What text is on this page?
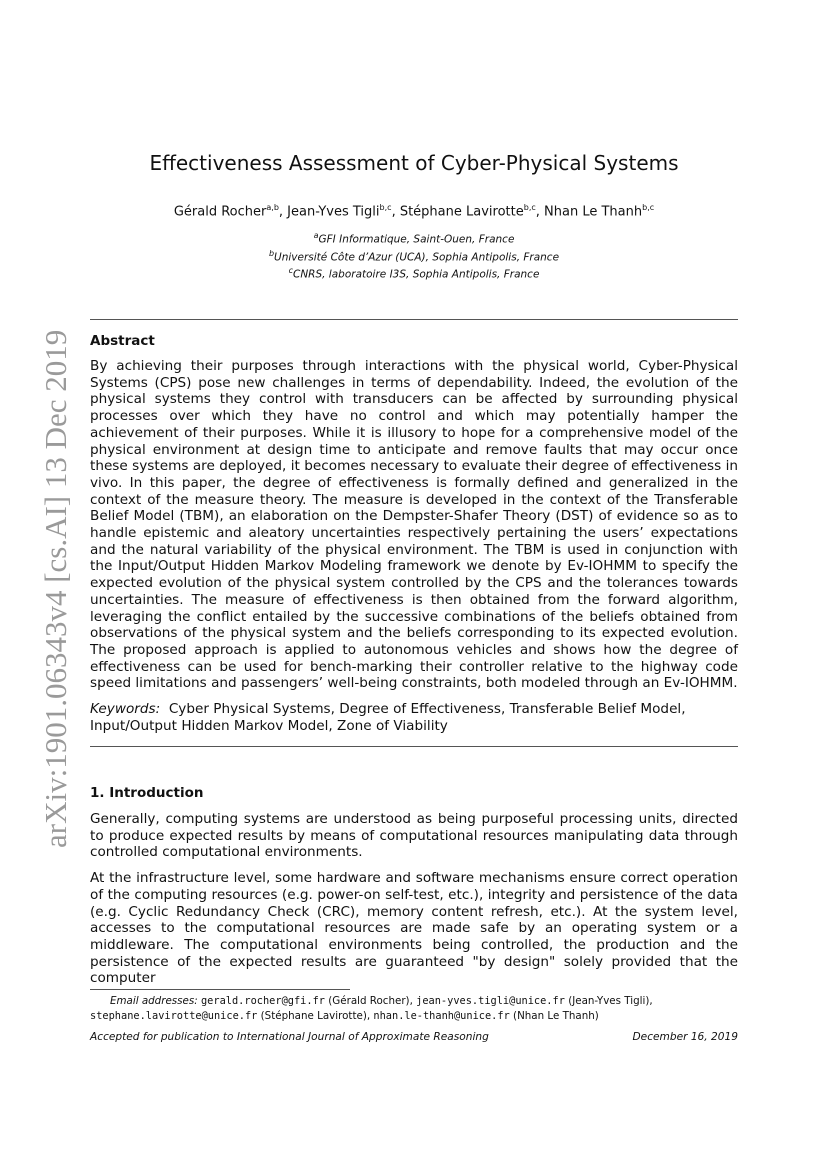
arXiv:1901.06343v4 [cs.AI] 13 Dec 2019
Effectiveness Assessment of Cyber-Physical Systems
Gérald Rocher$^{a,b}$, Jean-Yves Tigli$^{b,c}$, Stéphane Lavirotte$^{b,c}$, Nhan Le Thanh$^{b,c}$
$^a$GFI Informatique, Saint-Ouen, France
$^b$Université Côte d’Azur (UCA), Sophia Antipolis, France
$^c$CNRS, laboratoire I3S, Sophia Antipolis, France
Abstract

By achieving their purposes through interactions with the physical world, Cyber-Physical Systems (CPS) pose new challenges in terms of dependability. Indeed, the evolution of the physical systems they control with transducers can be affected by surrounding physical processes over which they have no control and which may potentially hamper the achievement of their purposes. While it is illusory to hope for a comprehensive model of the physical environment at design time to anticipate and remove faults that may occur once these systems are deployed, it becomes necessary to evaluate their degree of effectiveness in vivo. In this paper, the degree of effectiveness is formally defined and generalized in the context of the measure theory. The measure is developed in the context of the Transferable Belief Model (TBM), an elaboration on the Dempster-Shafer Theory (DST) of evidence so as to handle epistemic and aleatory uncertainties respectively pertaining the users’ expectations and the natural variability of the physical environment. The TBM is used in conjunction with the Input/Output Hidden Markov Modeling framework we denote by Ev-IOHMM to specify the expected evolution of the physical system controlled by the CPS and the tolerances towards uncertainties. The measure of effectiveness is then obtained from the forward algorithm, leveraging the conflict entailed by the successive combinations of the beliefs obtained from observations of the physical system and the beliefs corresponding to its expected evolution. The proposed approach is applied to autonomous vehicles and shows how the degree of effectiveness can be used for bench-marking their controller relative to the highway code speed limitations and passengers’ well-being constraints, both modeled through an Ev-IOHMM.

Keywords: Cyber Physical Systems, Degree of Effectiveness, Transferable Belief Model, Input/Output Hidden Markov Model, Zone of Viability

1. Introduction

Generally, computing systems are understood as being purposeful processing units, directed to produce expected results by means of computational resources manipulating data through controlled computational environments.

At the infrastructure level, some hardware and software mechanisms ensure correct operation of the computing resources (e.g. power-on self-test, etc.), integrity and persistence of the data (e.g. Cyclic Redundancy Check (CRC), memory content refresh, etc.). At the system level, accesses to the computational resources are made safe by an operating system or a middleware. The computational environments being controlled, the production and the persistence of the expected results are guaranteed "by design" solely provided that the computer

Email addresses: gerald.rocher@gfi.fr (Gérald Rocher), jean-yves.tigli@unice.fr (Jean-Yves Tigli), stephane.lavirotte@unice.fr (Stéphane Lavirotte), nhan.le-thanh@unice.fr (Nhan Le Thanh)
Accepted for publication to International Journal of Approximate Reasoning	December 16, 2019
